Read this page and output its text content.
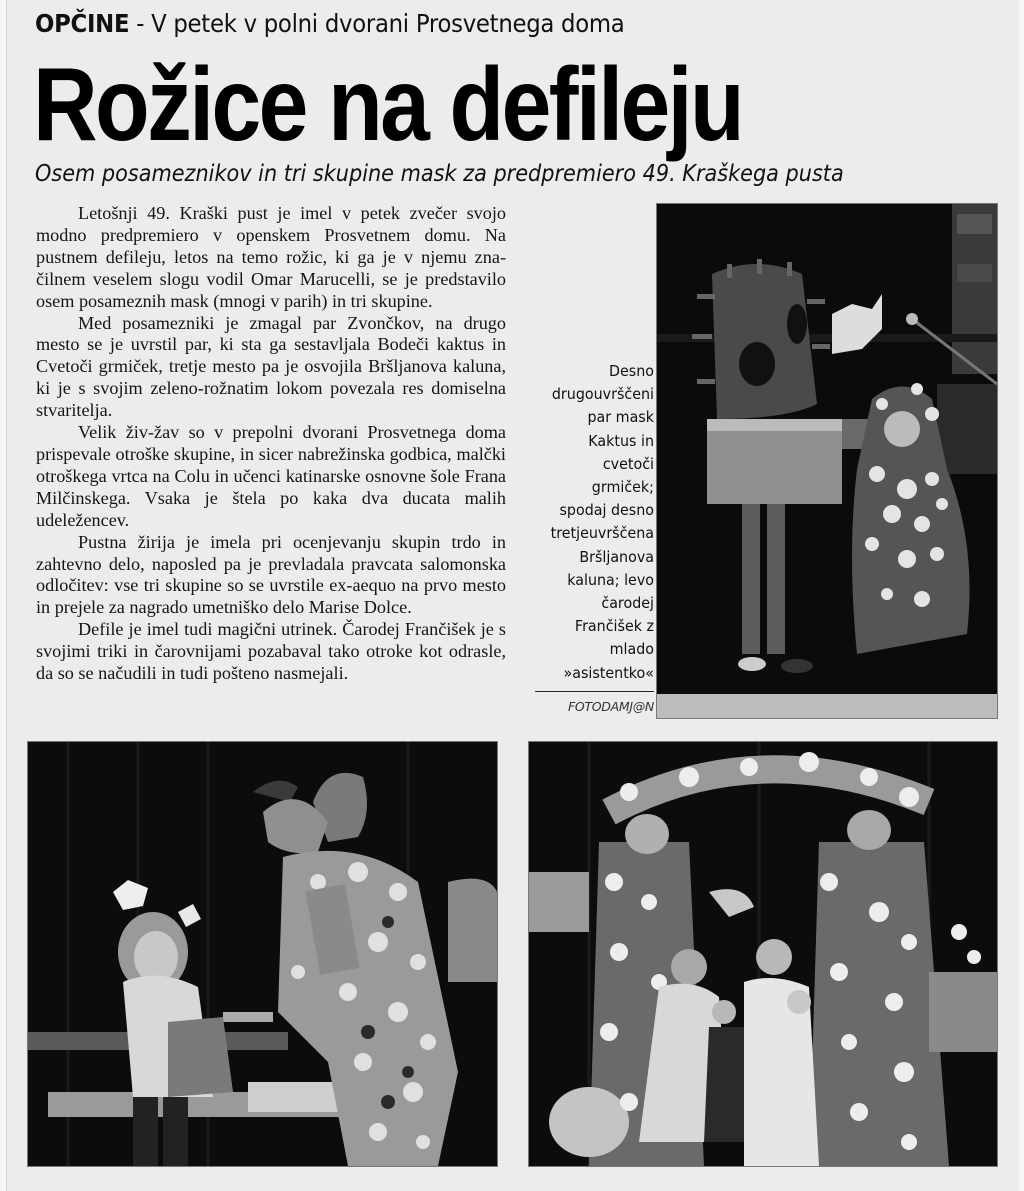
OPČINE - V petek v polni dvorani Prosvetnega doma
Rožice na defileju
Osem posameznikov in tri skupine mask za predpremiero 49. Kraškega pusta

Letošnji 49. Kraški pust je imel v petek zvečer svojo modno predpremiero v openskem Prosvetnem domu. Na pustnem defileju, letos na temo rožic, ki ga je v njemu značilnem veselem slogu vodil Omar Marucelli, se je predstavilo osem posameznih mask (mnogi v parih) in tri skupine.

Med posamezniki je zmagal par Zvončkov, na drugo mesto se je uvrstil par, ki sta ga sestavljala Bodeči kaktus in Cvetoči grmiček, tretje mesto pa je osvojila Bršljanova kaluna, ki je s svojim zeleno-rožnatim lokom povezala res domiselna stvaritelja.

Velik živ-žav so v prepolni dvorani Prosvetnega doma prispevale otroške skupine, in sicer nabrežinska godbica, malčki otroškega vrtca na Colu in učenci katinarske osnovne šole Frana Milčinskega. Vsaka je štela po kaka dva ducata malih udeležencev.

Pustna žirija je imela pri ocenjevanju skupin trdo in zahtevno delo, naposled pa je prevladala pravcata salomonska odločitev: vse tri skupine so se uvrstile ex-aequo na prvo mesto in prejele za nagrado umetniško delo Marise Dolce.

Defile je imel tudi magični utrinek. Čarodej Frančišek je s svojimi triki in čarovnijami pozabaval tako otroke kot odrasle, da so se načudili in tudi pošteno nasmejali.

Desno
drugouvrščeni
par mask
Kaktus in
cvetoči
grmiček;
spodaj desno
tretjeuvrščena
Bršljanova
kaluna; levo
čarodej
Frančišek z
mlado
»asistentko«
FOTODAMJ@N
